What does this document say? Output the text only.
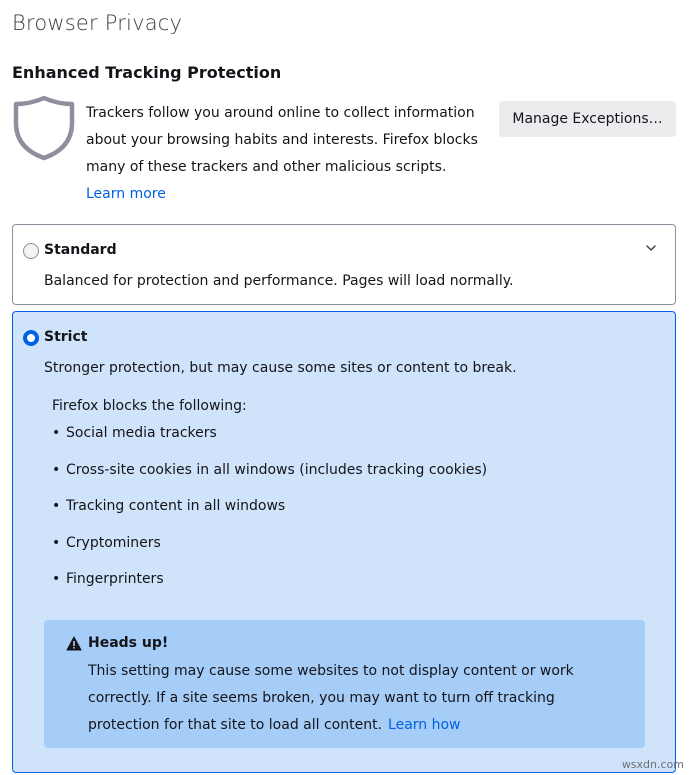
Browser Privacy
Enhanced Tracking Protection
Trackers follow you around online to collect information about your browsing habits and interests. Firefox blocks many of these trackers and other malicious scripts.
Learn more
Manage Exceptions…
Standard
Balanced for protection and performance. Pages will load normally.
Strict
Stronger protection, but may cause some sites or content to break.
Firefox blocks the following:
• Social media trackers
• Cross-site cookies in all windows (includes tracking cookies)
• Tracking content in all windows
• Cryptominers
• Fingerprinters
Heads up!
This setting may cause some websites to not display content or work correctly. If a site seems broken, you may want to turn off tracking protection for that site to load all content. Learn how
wsxdn.com
